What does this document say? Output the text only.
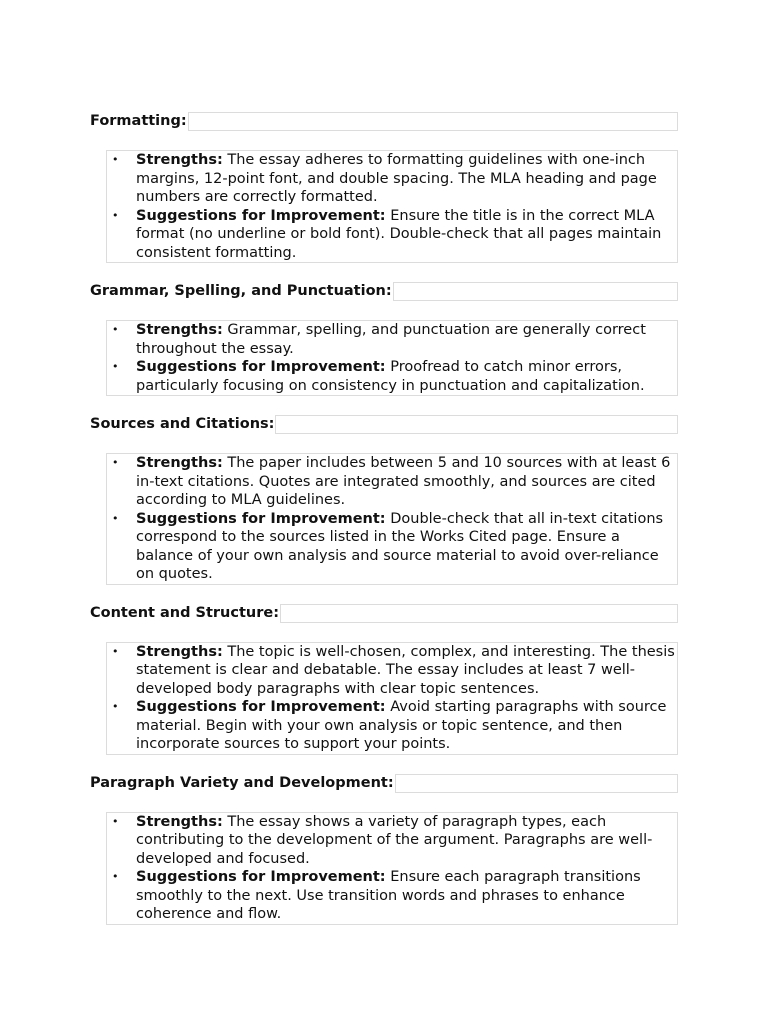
Formatting:
• Strengths: The essay adheres to formatting guidelines with one-inch margins, 12-point font, and double spacing. The MLA heading and page numbers are correctly formatted.
• Suggestions for Improvement: Ensure the title is in the correct MLA format (no underline or bold font). Double-check that all pages maintain consistent formatting.
Grammar, Spelling, and Punctuation:
• Strengths: Grammar, spelling, and punctuation are generally correct throughout the essay.
• Suggestions for Improvement: Proofread to catch minor errors, particularly focusing on consistency in punctuation and capitalization.
Sources and Citations:
• Strengths: The paper includes between 5 and 10 sources with at least 6 in-text citations. Quotes are integrated smoothly, and sources are cited according to MLA guidelines.
• Suggestions for Improvement: Double-check that all in-text citations correspond to the sources listed in the Works Cited page. Ensure a balance of your own analysis and source material to avoid over-reliance on quotes.
Content and Structure:
• Strengths: The topic is well-chosen, complex, and interesting. The thesis statement is clear and debatable. The essay includes at least 7 well-developed body paragraphs with clear topic sentences.
• Suggestions for Improvement: Avoid starting paragraphs with source material. Begin with your own analysis or topic sentence, and then incorporate sources to support your points.
Paragraph Variety and Development:
• Strengths: The essay shows a variety of paragraph types, each contributing to the development of the argument. Paragraphs are well-developed and focused.
• Suggestions for Improvement: Ensure each paragraph transitions smoothly to the next. Use transition words and phrases to enhance coherence and flow.
